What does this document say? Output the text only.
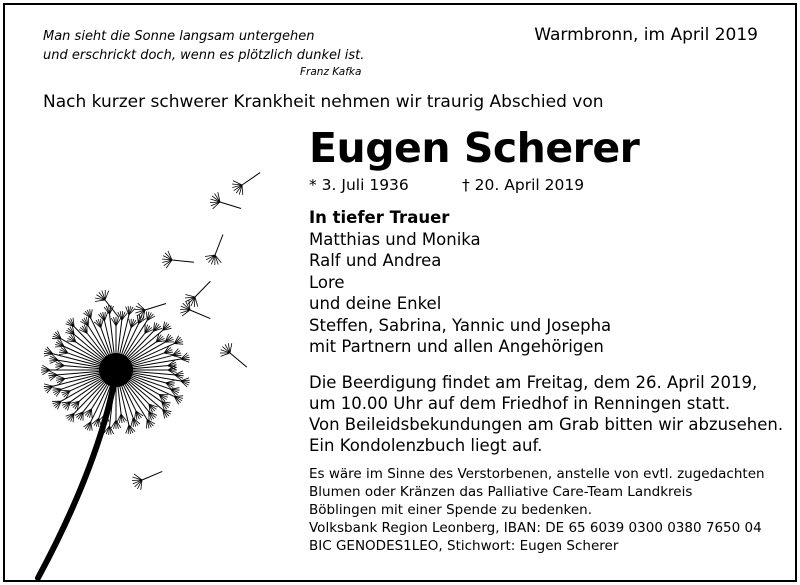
Man sieht die Sonne langsam untergehen
und erschrickt doch, wenn es plötzlich dunkel ist.
Franz Kafka
Warmbronn, im April 2019
Nach kurzer schwerer Krankheit nehmen wir traurig Abschied von
Eugen Scherer
* 3. Juli 1936	† 20. April 2019
In tiefer Trauer
Matthias und Monika
Ralf und Andrea
Lore
und deine Enkel
Steffen, Sabrina, Yannic und Josepha
mit Partnern und allen Angehörigen
Die Beerdigung findet am Freitag, dem 26. April 2019,
um 10.00 Uhr auf dem Friedhof in Renningen statt.
Von Beileidsbekundungen am Grab bitten wir abzusehen.
Ein Kondolenzbuch liegt auf.
Es wäre im Sinne des Verstorbenen, anstelle von evtl. zugedachten
Blumen oder Kränzen das Palliative Care-Team Landkreis
Böblingen mit einer Spende zu bedenken.
Volksbank Region Leonberg, IBAN: DE 65 6039 0300 0380 7650 04
BIC GENODES1LEO, Stichwort: Eugen Scherer
